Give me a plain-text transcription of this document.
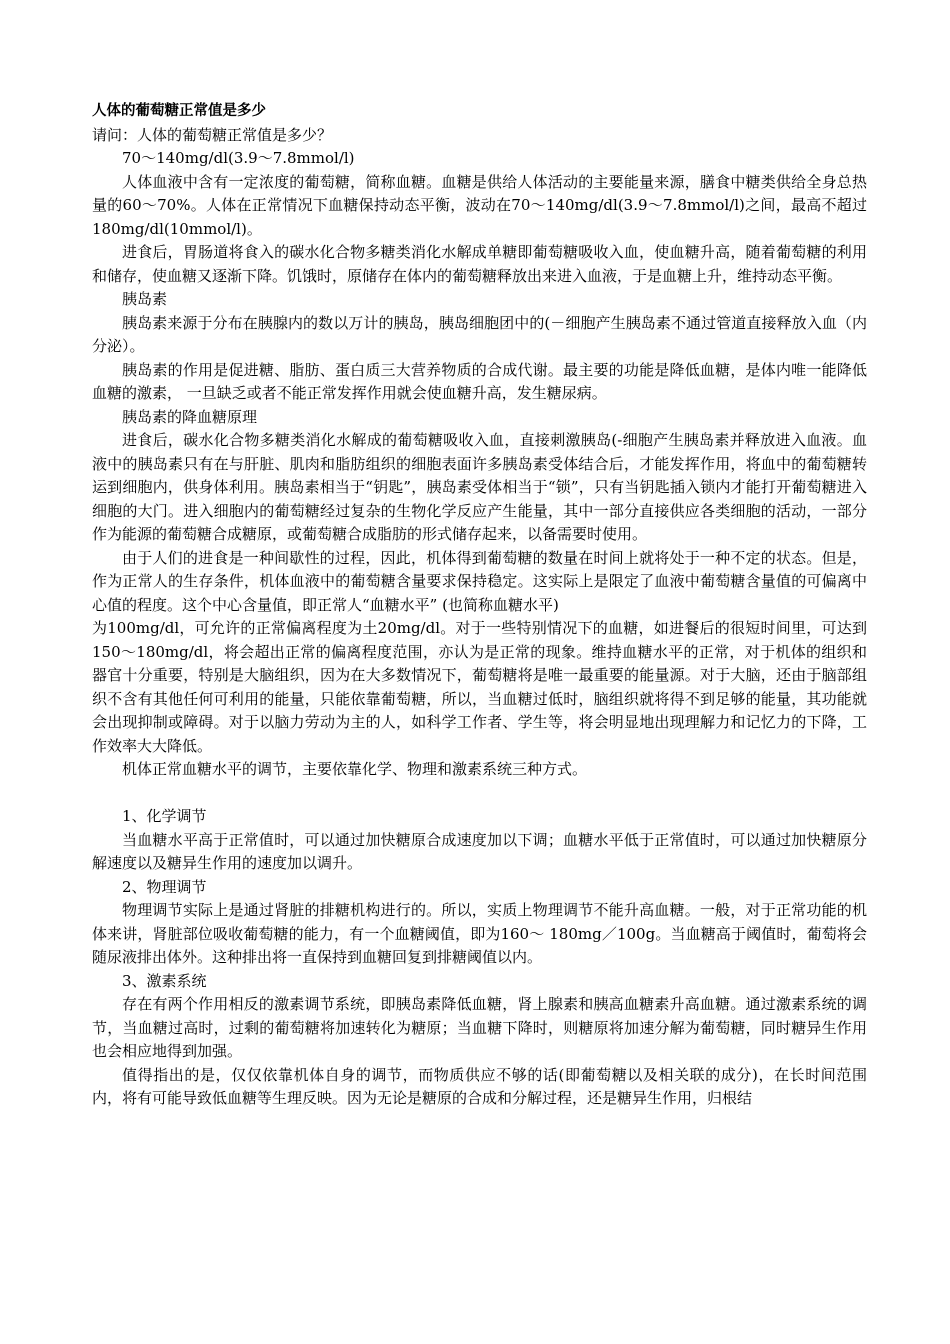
人体的葡萄糖正常值是多少

请问：人体的葡萄糖正常值是多少？

70～140mg/dl(3.9～7.8mmol/l)

人体血液中含有一定浓度的葡萄糖，简称血糖。血糖是供给人体活动的主要能量来源，膳食中糖类供给全身总热量的60～70%。人体在正常情况下血糖保持动态平衡，波动在70～140mg/dl(3.9～7.8mmol/l)之间，最高不超过180mg/dl(10mmol/l)。

进食后，胃肠道将食入的碳水化合物多糖类消化水解成单糖即葡萄糖吸收入血，使血糖升高，随着葡萄糖的利用和储存，使血糖又逐渐下降。饥饿时，原储存在体内的葡萄糖释放出来进入血液，于是血糖上升，维持动态平衡。

胰岛素

胰岛素来源于分布在胰腺内的数以万计的胰岛，胰岛细胞团中的(－细胞产生胰岛素不通过管道直接释放入血（内分泌）。

胰岛素的作用是促进糖、脂肪、蛋白质三大营养物质的合成代谢。最主要的功能是降低血糖，是体内唯一能降低血糖的激素， 一旦缺乏或者不能正常发挥作用就会使血糖升高，发生糖尿病。

胰岛素的降血糖原理

进食后，碳水化合物多糖类消化水解成的葡萄糖吸收入血，直接刺激胰岛(-细胞产生胰岛素并释放进入血液。血液中的胰岛素只有在与肝脏、肌肉和脂肪组织的细胞表面许多胰岛素受体结合后，才能发挥作用，将血中的葡萄糖转运到细胞内，供身体利用。胰岛素相当于“钥匙”，胰岛素受体相当于“锁”，只有当钥匙插入锁内才能打开葡萄糖进入细胞的大门。进入细胞内的葡萄糖经过复杂的生物化学反应产生能量，其中一部分直接供应各类细胞的活动，一部分作为能源的葡萄糖合成糖原，或葡萄糖合成脂肪的形式储存起来，以备需要时使用。

由于人们的进食是一种间歇性的过程，因此，机体得到葡萄糖的数量在时间上就将处于一种不定的状态。但是，作为正常人的生存条件，机体血液中的葡萄糖含量要求保持稳定。这实际上是限定了血液中葡萄糖含量值的可偏离中心值的程度。这个中心含量值，即正常人“血糖水平” (也简称血糖水平)

为100mg/dl，可允许的正常偏离程度为土20mg/dl。对于一些特别情况下的血糖，如进餐后的很短时间里，可达到150～180mg/dl，将会超出正常的偏离程度范围，亦认为是正常的现象。维持血糖水平的正常，对于机体的组织和器官十分重要，特别是大脑组织，因为在大多数情况下，葡萄糖将是唯一最重要的能量源。对于大脑，还由于脑部组织不含有其他任何可利用的能量，只能依靠葡萄糖，所以，当血糖过低时，脑组织就将得不到足够的能量，其功能就会出现抑制或障碍。对于以脑力劳动为主的人，如科学工作者、学生等，将会明显地出现理解力和记忆力的下降，工作效率大大降低。

机体正常血糖水平的调节，主要依靠化学、物理和激素系统三种方式。

1、化学调节

当血糖水平高于正常值时，可以通过加快糖原合成速度加以下调；血糖水平低于正常值时，可以通过加快糖原分解速度以及糖异生作用的速度加以调升。

2、物理调节

物理调节实际上是通过肾脏的排糖机构进行的。所以，实质上物理调节不能升高血糖。一般，对于正常功能的机体来讲，肾脏部位吸收葡萄糖的能力，有一个血糖阈值，即为160～ 180mg／100g。当血糖高于阈值时，葡萄将会随尿液排出体外。这种排出将一直保持到血糖回复到排糖阈值以内。

3、激素系统

存在有两个作用相反的激素调节系统，即胰岛素降低血糖，肾上腺素和胰高血糖素升高血糖。通过激素系统的调节，当血糖过高时，过剩的葡萄糖将加速转化为糖原；当血糖下降时，则糖原将加速分解为葡萄糖，同时糖异生作用也会相应地得到加强。

值得指出的是，仅仅依靠机体自身的调节，而物质供应不够的话(即葡萄糖以及相关联的成分)，在长时间范围内，将有可能导致低血糖等生理反映。因为无论是糖原的合成和分解过程，还是糖异生作用，归根结
